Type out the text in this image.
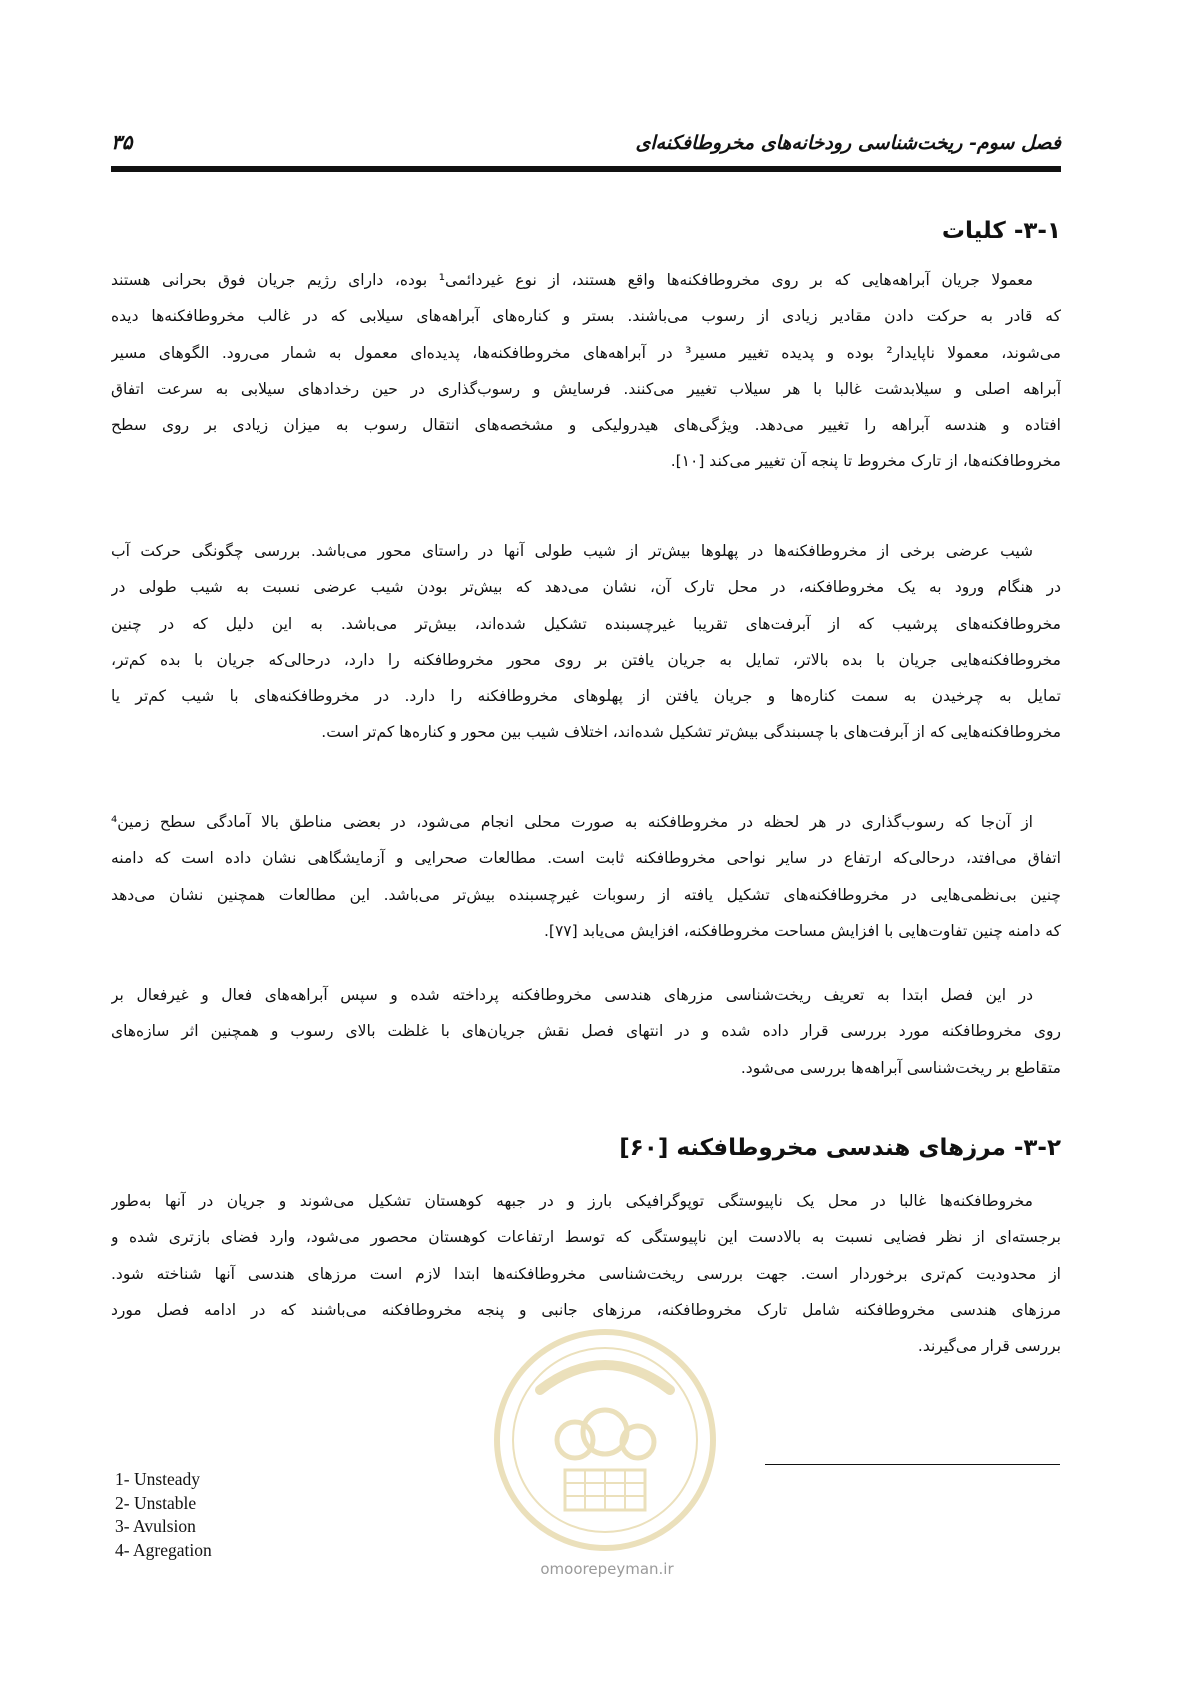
فصل سوم- ریخت‌شناسی رودخانه‌های مخروطافکنه‌ای
۳۵
۳-۱- کلیات
معمولا جریان آبراهه‌هایی که بر روی مخروطافکنه‌ها واقع هستند، از نوع غیردائمی¹ بوده، دارای رژیم جریان فوق بحرانی هستند
که قادر به حرکت دادن مقادیر زیادی از رسوب می‌باشند. بستر و کناره‌های آبراهه‌های سیلابی که در غالب مخروطافکنه‌ها دیده
می‌شوند، معمولا ناپایدار² بوده و پدیده تغییر مسیر³ در آبراهه‌های مخروطافکنه‌ها، پدیده‌ای معمول به شمار می‌رود. الگوهای مسیر
آبراهه اصلی و سیلابدشت غالبا با هر سیلاب تغییر می‌کنند. فرسایش و رسوب‌گذاری در حین رخدادهای سیلابی به سرعت اتفاق
افتاده و هندسه آبراهه را تغییر می‌دهد. ویژگی‌های هیدرولیکی و مشخصه‌های انتقال رسوب به میزان زیادی بر روی سطح
مخروطافکنه‌ها، از تارک مخروط تا پنجه آن تغییر می‌کند [۱۰].
شیب عرضی برخی از مخروطافکنه‌ها در پهلوها بیش‌تر از شیب طولی آنها در راستای محور می‌باشد. بررسی چگونگی حرکت آب
در هنگام ورود به یک مخروطافکنه، در محل تارک آن، نشان می‌دهد که بیش‌تر بودن شیب عرضی نسبت به شیب طولی در
مخروطافکنه‌های پرشیب که از آبرفت‌های تقریبا غیرچسبنده تشکیل شده‌اند، بیش‌تر می‌باشد. به این دلیل که در چنین
مخروطافکنه‌هایی جریان با بده بالاتر، تمایل به جریان یافتن بر روی محور مخروطافکنه را دارد، درحالی‌که جریان با بده کم‌تر،
تمایل به چرخیدن به سمت کناره‌ها و جریان یافتن از پهلوهای مخروطافکنه را دارد. در مخروطافکنه‌های با شیب کم‌تر یا
مخروطافکنه‌هایی که از آبرفت‌های با چسبندگی بیش‌تر تشکیل شده‌اند، اختلاف شیب بین محور و کناره‌ها کم‌تر است.
از آن‌جا که رسوب‌گذاری در هر لحظه در مخروطافکنه به صورت محلی انجام می‌شود، در بعضی مناطق بالا آمادگی سطح زمین⁴
اتفاق می‌افتد، درحالی‌که ارتفاع در سایر نواحی مخروطافکنه ثابت است. مطالعات صحرایی و آزمایشگاهی نشان داده است که دامنه
چنین بی‌نظمی‌هایی در مخروطافکنه‌های تشکیل یافته از رسوبات غیرچسبنده بیش‌تر می‌باشد. این مطالعات همچنین نشان می‌دهد
که دامنه چنین تفاوت‌هایی با افزایش مساحت مخروطافکنه، افزایش می‌یابد [۷۷].
در این فصل ابتدا به تعریف ریخت‌شناسی مزرهای هندسی مخروطافکنه پرداخته شده و سپس آبراهه‌های فعال و غیرفعال بر
روی مخروطافکنه مورد بررسی قرار داده شده و در انتهای فصل نقش جریان‌های با غلظت بالای رسوب و همچنین اثر سازه‌های
متقاطع بر ریخت‌شناسی آبراهه‌ها بررسی می‌شود.
۳-۲- مرزهای هندسی مخروطافکنه [۶۰]
مخروطافکنه‌ها غالبا در محل یک ناپیوستگی توپوگرافیکی بارز و در جبهه کوهستان تشکیل می‌شوند و جریان در آنها به‌طور
برجسته‌ای از نظر فضایی نسبت به بالادست این ناپیوستگی که توسط ارتفاعات کوهستان محصور می‌شود، وارد فضای بازتری شده و
از محدودیت کم‌تری برخوردار است. جهت بررسی ریخت‌شناسی مخروطافکنه‌ها ابتدا لازم است مرزهای هندسی آنها شناخته شود.
مرزهای هندسی مخروطافکنه شامل تارک مخروطافکنه، مرزهای جانبی و پنجه مخروطافکنه می‌باشند که در ادامه فصل مورد
بررسی قرار می‌گیرند.
1- Unsteady
2- Unstable
3- Avulsion
4- Agregation
omoorepeyman.ir
